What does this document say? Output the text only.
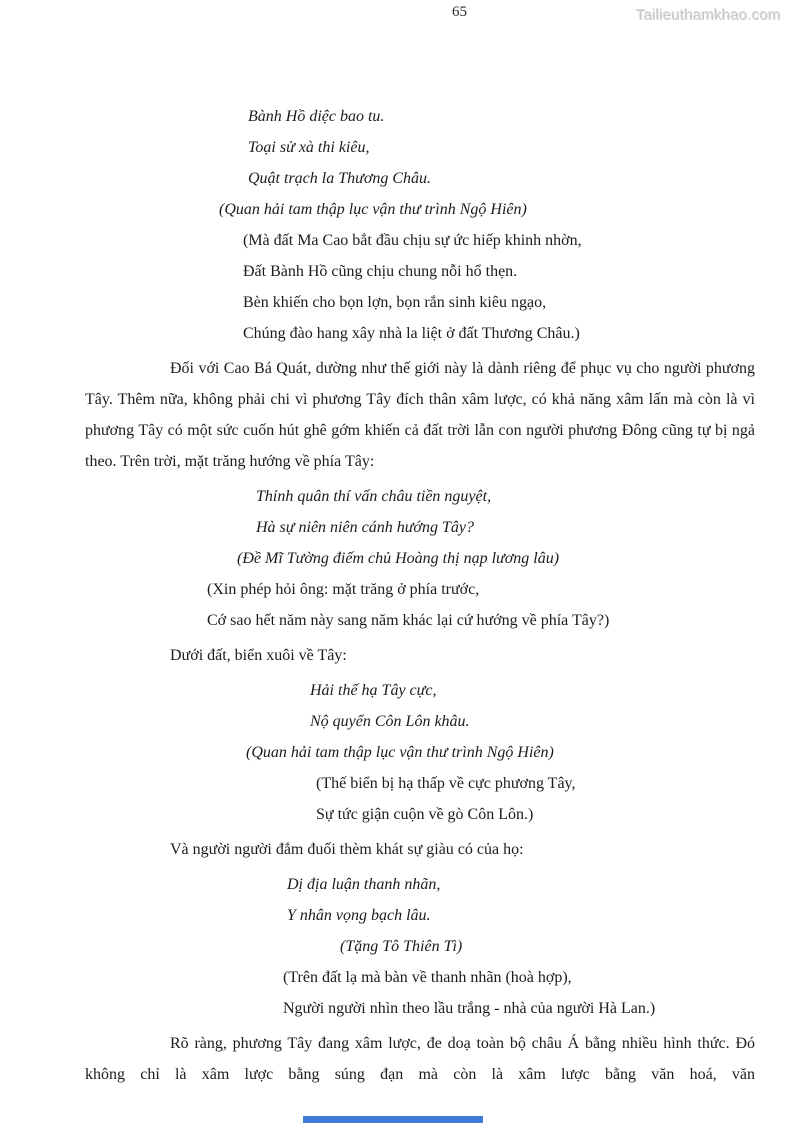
65	Tailieuthamkhao.com
Bành Hồ diệc bao tu.
Toại sử xà thi kiêu,
Quật trạch la Thương Châu.
(Quan hải tam thập lục vận thư trình Ngộ Hiên)
(Mà đất Ma Cao bắt đầu chịu sự ức hiếp khinh nhờn,
Đất Bành Hồ cũng chịu chung nỗi hổ thẹn.
Bèn khiến cho bọn lợn, bọn rắn sinh kiêu ngạo,
Chúng đào hang xây nhà la liệt ở đất Thương Châu.)

Đối với Cao Bá Quát, dường như thế giới này là dành riêng để phục vụ cho người phương Tây. Thêm nữa, không phải chi vì phương Tây đích thân xâm lược, có khả năng xâm lấn mà còn là vì phương Tây có một sức cuốn hút ghê gớm khiến cả đất trời lẫn con người phương Đông cũng tự bị ngả theo. Trên trời, mặt trăng hướng về phía Tây:

Thỉnh quân thí vấn châu tiền nguyệt,
Hà sự niên niên cánh hướng Tây?
(Đề Mĩ Tường điếm chủ Hoàng thị nạp lương lâu)
(Xin phép hỏi ông: mặt trăng ở phía trước,
Cớ sao hết năm này sang năm khác lại cứ hướng về phía Tây?)

Dưới đất, biển xuôi về Tây:

Hải thế hạ Tây cực,
Nộ quyển Côn Lôn khâu.
(Quan hải tam thập lục vận thư trình Ngộ Hiên)
(Thế biển bị hạ thấp về cực phương Tây,
Sự tức giận cuộn về gò Côn Lôn.)

Và người người đắm đuối thèm khát sự giàu có của họ:

Dị địa luận thanh nhãn,
Y nhân vọng bạch lâu.
(Tặng Tô Thiên Tì)
(Trên đất lạ mà bàn về thanh nhãn (hoà hợp),
Người người nhìn theo lầu trắng - nhà của người Hà Lan.)

Rõ ràng, phương Tây đang xâm lược, đe doạ toàn bộ châu Á bằng nhiều hình thức. Đó không chỉ là xâm lược bằng súng đạn mà còn là xâm lược bằng văn hoá, văn
